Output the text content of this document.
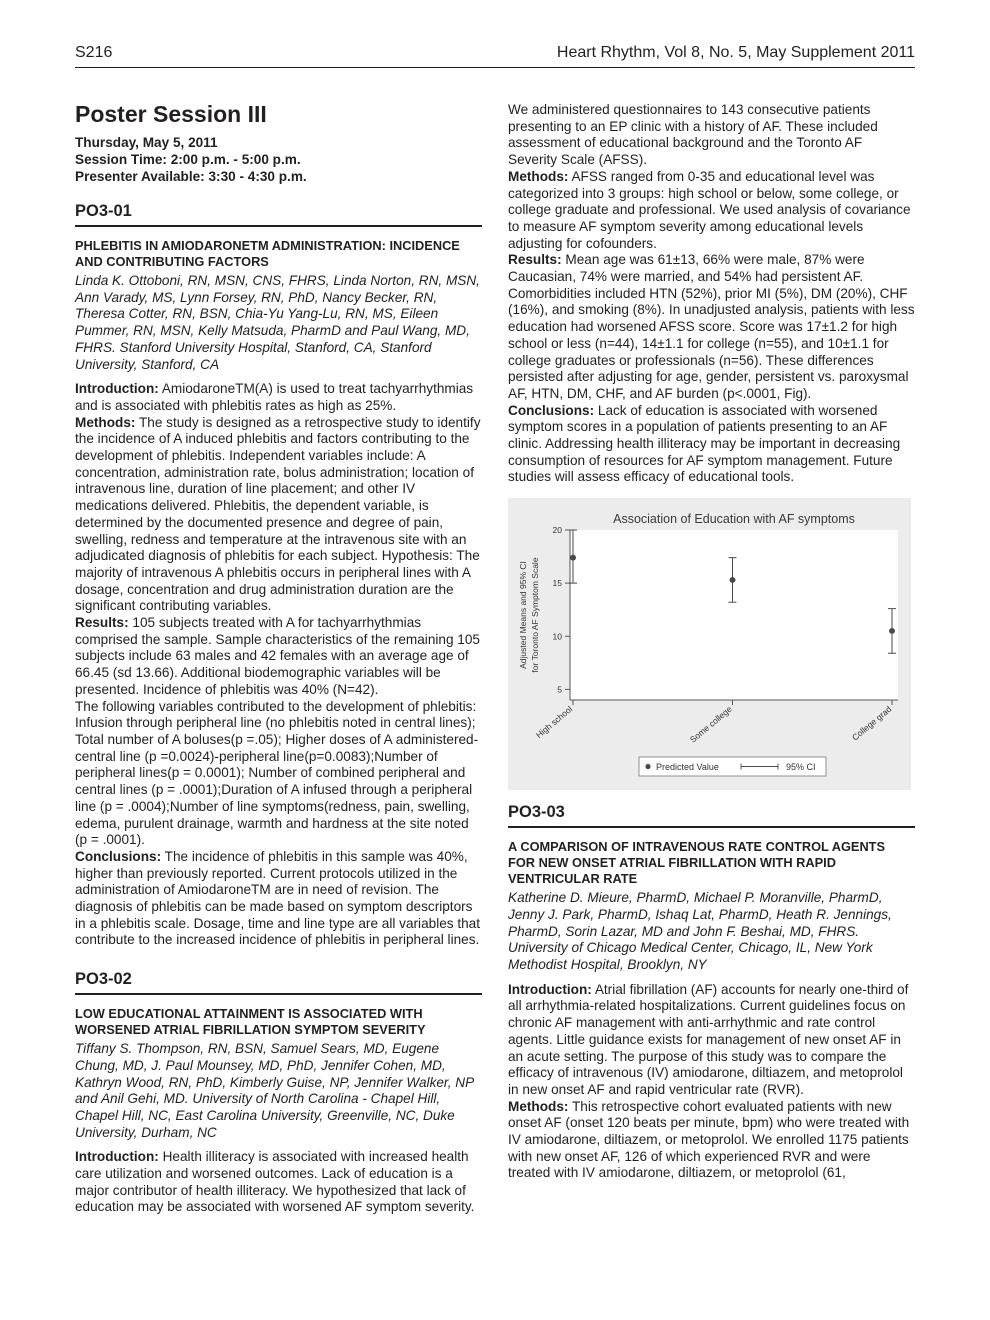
S216	Heart Rhythm, Vol 8, No. 5, May Supplement 2011
Poster Session III
Thursday, May 5, 2011
Session Time: 2:00 p.m. - 5:00 p.m.
Presenter Available: 3:30 - 4:30 p.m.
PO3-01
PHLEBITIS IN AMIODARONETM ADMINISTRATION: INCIDENCE AND CONTRIBUTING FACTORS
Linda K. Ottoboni, RN, MSN, CNS, FHRS, Linda Norton, RN, MSN, Ann Varady, MS, Lynn Forsey, RN, PhD, Nancy Becker, RN, Theresa Cotter, RN, BSN, Chia-Yu Yang-Lu, RN, MS, Eileen Pummer, RN, MSN, Kelly Matsuda, PharmD and Paul Wang, MD, FHRS. Stanford University Hospital, Stanford, CA, Stanford University, Stanford, CA
Introduction: AmiodaroneTM(A) is used to treat tachyarrhythmias and is associated with phlebitis rates as high as 25%.
Methods: The study is designed as a retrospective study to identify the incidence of A induced phlebitis and factors contributing to the development of phlebitis. Independent variables include: A concentration, administration rate, bolus administration; location of intravenous line, duration of line placement; and other IV medications delivered. Phlebitis, the dependent variable, is determined by the documented presence and degree of pain, swelling, redness and temperature at the intravenous site with an adjudicated diagnosis of phlebitis for each subject. Hypothesis: The majority of intravenous A phlebitis occurs in peripheral lines with A dosage, concentration and drug administration duration are the significant contributing variables.
Results: 105 subjects treated with A for tachyarrhythmias comprised the sample. Sample characteristics of the remaining 105 subjects include 63 males and 42 females with an average age of 66.45 (sd 13.66). Additional biodemographic variables will be presented. Incidence of phlebitis was 40% (N=42).
The following variables contributed to the development of phlebitis: Infusion through peripheral line (no phlebitis noted in central lines); Total number of A boluses(p =.05); Higher doses of A administered-central line (p =0.0024)-peripheral line(p=0.0083);Number of peripheral lines(p = 0.0001); Number of combined peripheral and central lines (p = .0001);Duration of A infused through a peripheral line (p = .0004);Number of line symptoms(redness, pain, swelling, edema, purulent drainage, warmth and hardness at the site noted (p = .0001).
Conclusions: The incidence of phlebitis in this sample was 40%, higher than previously reported. Current protocols utilized in the administration of AmiodaroneTM are in need of revision. The diagnosis of phlebitis can be made based on symptom descriptors in a phlebitis scale. Dosage, time and line type are all variables that contribute to the increased incidence of phlebitis in peripheral lines.
PO3-02
LOW EDUCATIONAL ATTAINMENT IS ASSOCIATED WITH WORSENED ATRIAL FIBRILLATION SYMPTOM SEVERITY
Tiffany S. Thompson, RN, BSN, Samuel Sears, MD, Eugene Chung, MD, J. Paul Mounsey, MD, PhD, Jennifer Cohen, MD, Kathryn Wood, RN, PhD, Kimberly Guise, NP, Jennifer Walker, NP and Anil Gehi, MD. University of North Carolina - Chapel Hill, Chapel Hill, NC, East Carolina University, Greenville, NC, Duke University, Durham, NC
Introduction: Health illiteracy is associated with increased health care utilization and worsened outcomes. Lack of education is a major contributor of health illiteracy. We hypothesized that lack of education may be associated with worsened AF symptom severity.
We administered questionnaires to 143 consecutive patients presenting to an EP clinic with a history of AF. These included assessment of educational background and the Toronto AF Severity Scale (AFSS).
Methods: AFSS ranged from 0-35 and educational level was categorized into 3 groups: high school or below, some college, or college graduate and professional. We used analysis of covariance to measure AF symptom severity among educational levels adjusting for cofounders.
Results: Mean age was 61±13, 66% were male, 87% were Caucasian, 74% were married, and 54% had persistent AF. Comorbidities included HTN (52%), prior MI (5%), DM (20%), CHF (16%), and smoking (8%). In unadjusted analysis, patients with less education had worsened AFSS score. Score was 17±1.2 for high school or less (n=44), 14±1.1 for college (n=55), and 10±1.1 for college graduates or professionals (n=56). These differences persisted after adjusting for age, gender, persistent vs. paroxysmal AF, HTN, DM, CHF, and AF burden (p<.0001, Fig).
Conclusions: Lack of education is associated with worsened symptom scores in a population of patients presenting to an AF clinic. Addressing health illiteracy may be important in decreasing consumption of resources for AF symptom management. Future studies will assess efficacy of educational tools.
Association of Education with AF symptoms
5
10
15
20
High school	Some college	College grad
Adjusted Means and 95% CI for Toronto AF Symptom Scale
Predicted Value	95% CI
PO3-03
A COMPARISON OF INTRAVENOUS RATE CONTROL AGENTS FOR NEW ONSET ATRIAL FIBRILLATION WITH RAPID VENTRICULAR RATE
Katherine D. Mieure, PharmD, Michael P. Moranville, PharmD, Jenny J. Park, PharmD, Ishaq Lat, PharmD, Heath R. Jennings, PharmD, Sorin Lazar, MD and John F. Beshai, MD, FHRS. University of Chicago Medical Center, Chicago, IL, New York Methodist Hospital, Brooklyn, NY
Introduction: Atrial fibrillation (AF) accounts for nearly one-third of all arrhythmia-related hospitalizations. Current guidelines focus on chronic AF management with anti-arrhythmic and rate control agents. Little guidance exists for management of new onset AF in an acute setting. The purpose of this study was to compare the efficacy of intravenous (IV) amiodarone, diltiazem, and metoprolol in new onset AF and rapid ventricular rate (RVR).
Methods: This retrospective cohort evaluated patients with new onset AF (onset 120 beats per minute, bpm) who were treated with IV amiodarone, diltiazem, or metoprolol. We enrolled 1175 patients with new onset AF, 126 of which experienced RVR and were treated with IV amiodarone, diltiazem, or metoprolol (61,
